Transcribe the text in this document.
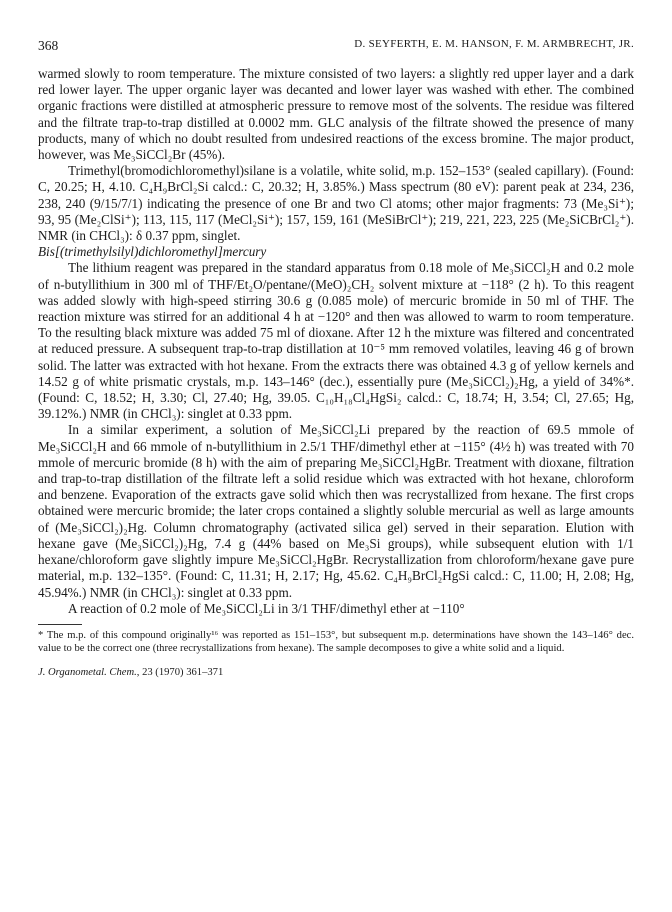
368	D. SEYFERTH, E. M. HANSON, F. M. ARMBRECHT, JR.

warmed slowly to room temperature. The mixture consisted of two layers: a slightly red upper layer and a dark red lower layer. The upper organic layer was decanted and lower layer was washed with ether. The combined organic fractions were distilled at atmospheric pressure to remove most of the solvents. The residue was filtered and the filtrate trap-to-trap distilled at 0.0002 mm. GLC analysis of the filtrate showed the presence of many products, many of which no doubt resulted from undesired reactions of the excess bromine. The major product, however, was Me₃SiCCl₂Br (45%).

Trimethyl(bromodichloromethyl)silane is a volatile, white solid, m.p. 152–153° (sealed capillary). (Found: C, 20.25; H, 4.10. C₄H₉BrCl₂Si calcd.: C, 20.32; H, 3.85%.) Mass spectrum (80 eV): parent peak at 234, 236, 238, 240 (9/15/7/1) indicating the presence of one Br and two Cl atoms; other major fragments: 73 (Me₃Si⁺); 93, 95 (Me₂ClSi⁺); 113, 115, 117 (MeCl₂Si⁺); 157, 159, 161 (MeSiBrCl⁺); 219, 221, 223, 225 (Me₂SiCBrCl₂⁺). NMR (in CHCl₃): δ 0.37 ppm, singlet.

Bis[(trimethylsilyl)dichloromethyl]mercury

The lithium reagent was prepared in the standard apparatus from 0.18 mole of Me₃SiCCl₂H and 0.2 mole of n-butyllithium in 300 ml of THF/Et₂O/pentane/(MeO)₂CH₂ solvent mixture at −118° (2 h). To this reagent was added slowly with high-speed stirring 30.6 g (0.085 mole) of mercuric bromide in 50 ml of THF. The reaction mixture was stirred for an additional 4 h at −120° and then was allowed to warm to room temperature. To the resulting black mixture was added 75 ml of dioxane. After 12 h the mixture was filtered and concentrated at reduced pressure. A subsequent trap-to-trap distillation at 10⁻⁵ mm removed volatiles, leaving 46 g of brown solid. The latter was extracted with hot hexane. From the extracts there was obtained 4.3 g of yellow kernels and 14.52 g of white prismatic crystals, m.p. 143–146° (dec.), essentially pure (Me₃SiCCl₂)₂Hg, a yield of 34%*. (Found: C, 18.52; H, 3.30; Cl, 27.40; Hg, 39.05. C₁₀H₁₈Cl₄HgSi₂ calcd.: C, 18.74; H, 3.54; Cl, 27.65; Hg, 39.12%.) NMR (in CHCl₃): singlet at 0.33 ppm.

In a similar experiment, a solution of Me₃SiCCl₂Li prepared by the reaction of 69.5 mmole of Me₃SiCCl₂H and 66 mmole of n-butyllithium in 2.5/1 THF/dimethyl ether at −115° (4½ h) was treated with 70 mmole of mercuric bromide (8 h) with the aim of preparing Me₃SiCCl₂HgBr. Treatment with dioxane, filtration and trap-to-trap distillation of the filtrate left a solid residue which was extracted with hot hexane, chloroform and benzene. Evaporation of the extracts gave solid which then was recrystallized from hexane. The first crops obtained were mercuric bromide; the later crops contained a slightly soluble mercurial as well as large amounts of (Me₃SiCCl₂)₂Hg. Column chromatography (activated silica gel) served in their separation. Elution with hexane gave (Me₃SiCCl₂)₂Hg, 7.4 g (44% based on Me₃Si groups), while subsequent elution with 1/1 hexane/chloroform gave slightly impure Me₃SiCCl₂HgBr. Recrystallization from chloroform/hexane gave pure material, m.p. 132–135°. (Found: C, 11.31; H, 2.17; Hg, 45.62. C₄H₉BrCl₂HgSi calcd.: C, 11.00; H, 2.08; Hg, 45.94%.) NMR (in CHCl₃): singlet at 0.33 ppm.

A reaction of 0.2 mole of Me₃SiCCl₂Li in 3/1 THF/dimethyl ether at −110°

* The m.p. of this compound originally¹⁶ was reported as 151–153°, but subsequent m.p. determinations have shown the 143–146° dec. value to be the correct one (three recrystallizations from hexane). The sample decomposes to give a white solid and a liquid.

J. Organometal. Chem., 23 (1970) 361–371
